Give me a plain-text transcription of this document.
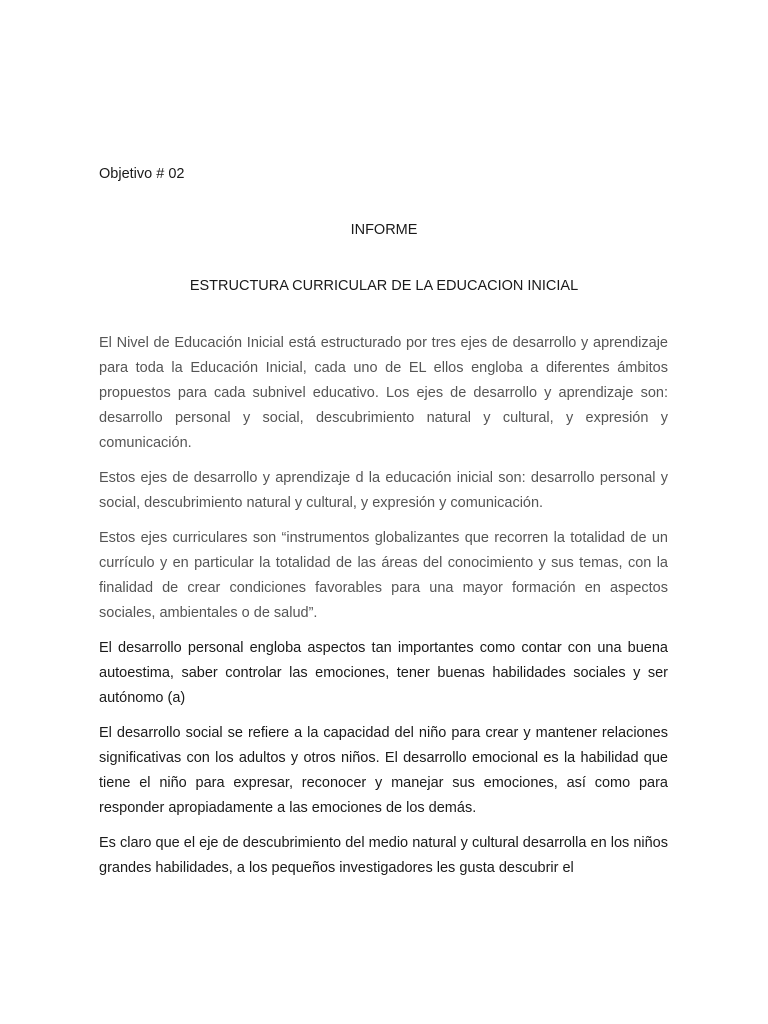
Objetivo # 02
INFORME
ESTRUCTURA CURRICULAR DE LA EDUCACION INICIAL

El Nivel de Educación Inicial está estructurado por tres ejes de desarrollo y aprendizaje para toda la Educación Inicial, cada uno de EL ellos engloba a diferentes ámbitos propuestos para cada subnivel educativo. Los ejes de desarrollo y aprendizaje son: desarrollo personal y social, descubrimiento natural y cultural, y expresión y comunicación.

Estos ejes de desarrollo y aprendizaje d la educación inicial son: desarrollo personal y social, descubrimiento natural y cultural, y expresión y comunicación.

Estos ejes curriculares son “instrumentos globalizantes que recorren la totalidad de un currículo y en particular la totalidad de las áreas del conocimiento y sus temas, con la finalidad de crear condiciones favorables para una mayor formación en aspectos sociales, ambientales o de salud”.

El desarrollo personal engloba aspectos tan importantes como contar con una buena autoestima, saber controlar las emociones, tener buenas habilidades sociales y ser autónomo (a)

El desarrollo social se refiere a la capacidad del niño para crear y mantener relaciones significativas con los adultos y otros niños. El desarrollo emocional es la habilidad que tiene el niño para expresar, reconocer y manejar sus emociones, así como para responder apropiadamente a las emociones de los demás.

Es claro que el eje de descubrimiento del medio natural y cultural desarrolla en los niños grandes habilidades, a los pequeños investigadores les gusta descubrir el
